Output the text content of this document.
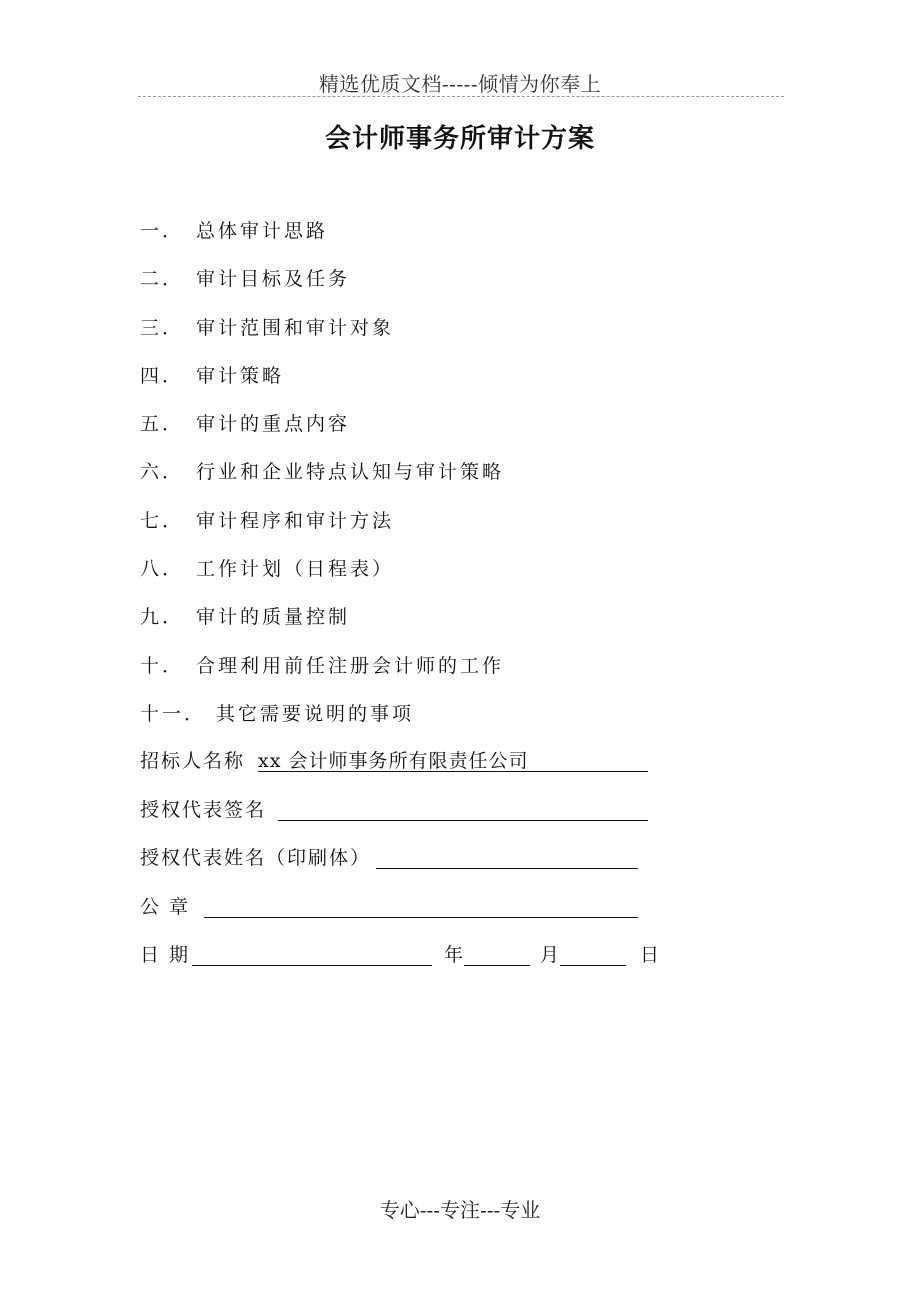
精选优质文档-----倾情为你奉上
会计师事务所审计方案
一． 总体审计思路
二． 审计目标及任务
三． 审计范围和审计对象
四． 审计策略
五． 审计的重点内容
六． 行业和企业特点认知与审计策略
七． 审计程序和审计方法
八． 工作计划（日程表）
九． 审计的质量控制
十． 合理利用前任注册会计师的工作
十一． 其它需要说明的事项
招标人名称 xx 会计师事务所有限责任公司
授权代表签名
授权代表姓名（印刷体）
公 章
日 期	年	月	日
专心---专注---专业
